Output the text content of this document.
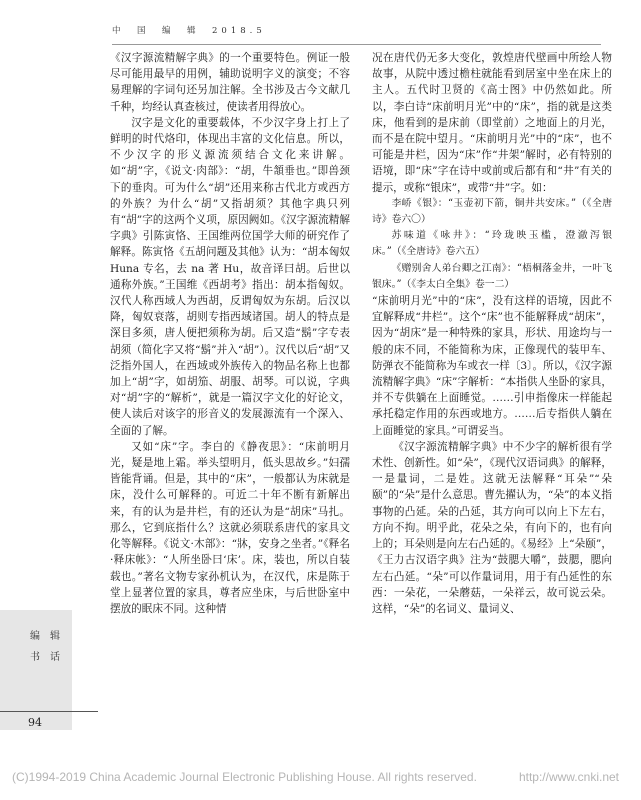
中　国　编　辑　2018.5

《汉字源流精解字典》的一个重要特色。例证一般尽可能用最早的用例，辅助说明字义的演变；不容易理解的字词句还另加注解。全书涉及古今文献几千种，均经认真查核过，使读者用得放心。

汉字是文化的重要载体，不少汉字身上打上了鲜明的时代烙印，体现出丰富的文化信息。所以，不少汉字的形义源流须结合文化来讲解。如“胡”字，《说文·肉部》：“胡，牛頷垂也。”即兽颈下的垂肉。可为什么“胡”还用来称古代北方或西方的外族？为什么“胡”又指胡须？其他字典只列有“胡”字的这两个义项，原因阙如。《汉字源流精解字典》引陈寅恪、王国维两位国学大师的研究作了解释。陈寅恪《五胡问题及其他》认为：“胡本匈奴 Huna 专名，去 na 著 Hu，故音译曰胡。后世以通称外族。”王国维《西胡考》指出：胡本指匈奴。汉代人称西域人为西胡，反谓匈奴为东胡。后汉以降，匈奴衰落，胡则专指西域诸国。胡人的特点是深目多须，唐人便把须称为胡。后又造“鬍”字专表胡须（简化字又将“鬍”并入“胡”）。汉代以后“胡”又泛指外国人，在西域或外族传入的物品名称上也都加上“胡”字，如胡笳、胡服、胡琴。可以说，字典对“胡”字的“解析”，就是一篇汉字文化的好论文，使人读后对该字的形音义的发展源流有一个深入、全面的了解。

又如“床”字。李白的《静夜思》：“床前明月光，疑是地上霜。举头望明月，低头思故乡。”妇孺皆能背诵。但是，其中的“床”，一般都认为床就是床，没什么可解释的。可近二十年不断有新解出来，有的认为是井栏，有的还认为是“胡床”马扎。那么，它到底指什么？这就必须联系唐代的家具文化等解释。《说文·木部》：“牀，安身之坐者。”《释名·释床帐》：“人所坐卧曰‘床’。床，装也，所以自装载也。”著名文物专家孙机认为，在汉代，床是陈于堂上显著位置的家具，尊者应坐床，与后世卧室中摆放的眠床不同。这种情

况在唐代仍无多大变化，敦煌唐代壁画中所绘人物故事，从院中透过檐柱就能看到居室中坐在床上的主人。五代时卫贤的《高士图》中仍然如此。所以，李白诗“床前明月光”中的“床”，指的就是这类床，他看到的是床前（即堂前）之地面上的月光，而不是在院中望月。“床前明月光”中的“床”，也不可能是井栏，因为“床”作“井架”解时，必有特别的语境，即“床”字在诗中或前或后都有和“井”有关的提示，或称“银床”，或带“井”字。如：

李峤《银》：“玉壶初下箭，铜井共安床。”（《全唐诗》卷六〇）

苏味道《咏井》：“玲珑映玉槛，澄澈泻银床。”（《全唐诗》卷六五）

《赠别舍人弟台卿之江南》：“梧桐落金井，一叶飞银床。”（《李太白全集》卷一二）

“床前明月光”中的“床”，没有这样的语境，因此不宜解释成“井栏”。这个“床”也不能解释成“胡床”，因为“胡床”是一种特殊的家具，形状、用途均与一般的床不同，不能简称为床，正像现代的装甲车、防弹衣不能简称为车或衣一样〔3〕。所以，《汉字源流精解字典》“床”字解析：“本指供人坐卧的家具，并不专供躺在上面睡觉。……引申指像床一样能起承托稳定作用的东西或地方。……后专指供人躺在上面睡觉的家具。”可谓妥当。

《汉字源流精解字典》中不少字的解析很有学术性、创新性。如“朵”，《现代汉语词典》的解释，一是量词，二是姓。这就无法解释“耳朵”“朵颐”的“朵”是什么意思。曹先擢认为，“朵”的本义指事物的凸延。朵的凸延，其方向可以向上下左右，方向不拘。明乎此，花朵之朵，有向下的，也有向上的；耳朵则是向左右凸延的。《易经》上“朵颐”，《王力古汉语字典》注为“鼓腮大嚼”，鼓腮，腮向左右凸延。“朵”可以作量词用，用于有凸延性的东西：一朵花，一朵蘑菇，一朵祥云，故可说云朵。这样，“朵”的名词义、量词义、

编　辑
书　话
94
(C)1994-2019 China Academic Journal Electronic Publishing House. All rights reserved.	http://www.cnki.net
